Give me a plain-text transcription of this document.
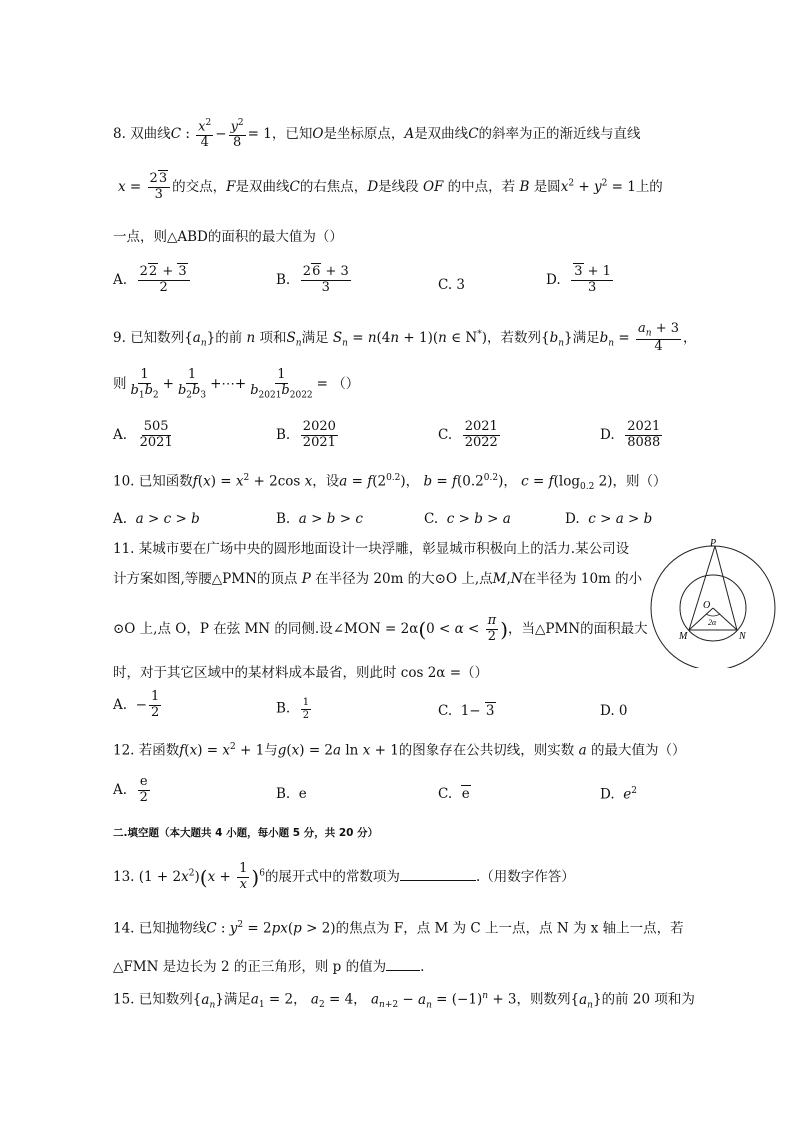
8. 双曲线C : $\frac{x^2}{4} - \frac{y^2}{8} = 1$，已知O是坐标原点，A是双曲线C的斜率为正的渐近线与直线
$x = \frac{23}{3}$ 的交点，F是双曲线C的右焦点，D是线段 OF 的中点，若 B 是圆$x^2 + y^2 = 1$上的
一点，则△ABD的面积的最大值为（）
A. $\frac{22 + 3}{2}$	B. $\frac{26 + 3}{3}$	C. 3	D. $\frac{3 + 1}{3}$
9. 已知数列$\{a_n\}$的前 n 项和$S_n$满足 $S_n = n(4n + 1)(n$ ∈ N*)，若数列$\{b_n\}$满足$b_n = \frac{a_n + 3}{4}$ ，
则 $\frac{1}{b_1b_2} + \frac{1}{b_2b_3}$ +⋯+ $\frac{1}{b_{2021}b_{2022}}$ = （）
A. $\frac{505}{2021}$	B. $\frac{2020}{2021}$	C. $\frac{2021}{2022}$	D. $\frac{2021}{8088}$
10. 已知函数$f(x) = x^2 + 2\cos$ x，设$a = f(2^{0.2})$， $b = f(0.2^{0.2})$， $c = f(\log_{0.2}$ 2)，则（）
A.  a > c > b	B.  a > b > c	C.  c > b > a	D.  c > a > b
11. 某城市要在广场中央的圆形地面设计一块浮雕，彰显城市积极向上的活力.某公司设
计方案如图,等腰△PMN的顶点 P 在半径为 20m 的大⊙O 上,点M,N在半径为 10m 的小
⊙O 上,点 O，P 在弦 MN 的同侧.设∠MON = $2\alpha(0 < \alpha < \frac{\pi}{2}$ )，当△PMN的面积最大
时，对于其它区域中的某材料成本最省，则此时 cos 2α =（）
P
O
2α
M	N
A.  − $\frac{1}{2}$	B. $\frac{1}{2}$	C.  1− 3	D. 0
12. 若函数$f(x) = x^2 + 1$与g(x) = 2a ln x + 1的图象存在公共切线，则实数 a 的最大值为（）
A. $\frac{e}{2}$	B.  e	C.  e	D.  $e^2$
二.填空题（本大题共 4 小题，每小题 5 分，共 20 分）
13. $(1 + 2x^2)(x + \frac{1}{x} )^6$的展开式中的常数项为	.（用数字作答）
14. 已知抛物线C : $y^2 = 2px(p > 2)$的焦点为 F，点 M 为 C 上一点，点 N 为 x 轴上一点，若
△FMN 是边长为 2 的正三角形，则 p 的值为	.
15. 已知数列$\{a_n\}$满足$a_1 = 2$， $a_2 = 4$， $a_{n+2} - a_n = (-1)^n + 3$，则数列$\{a_n\}$的前 20 项和为
